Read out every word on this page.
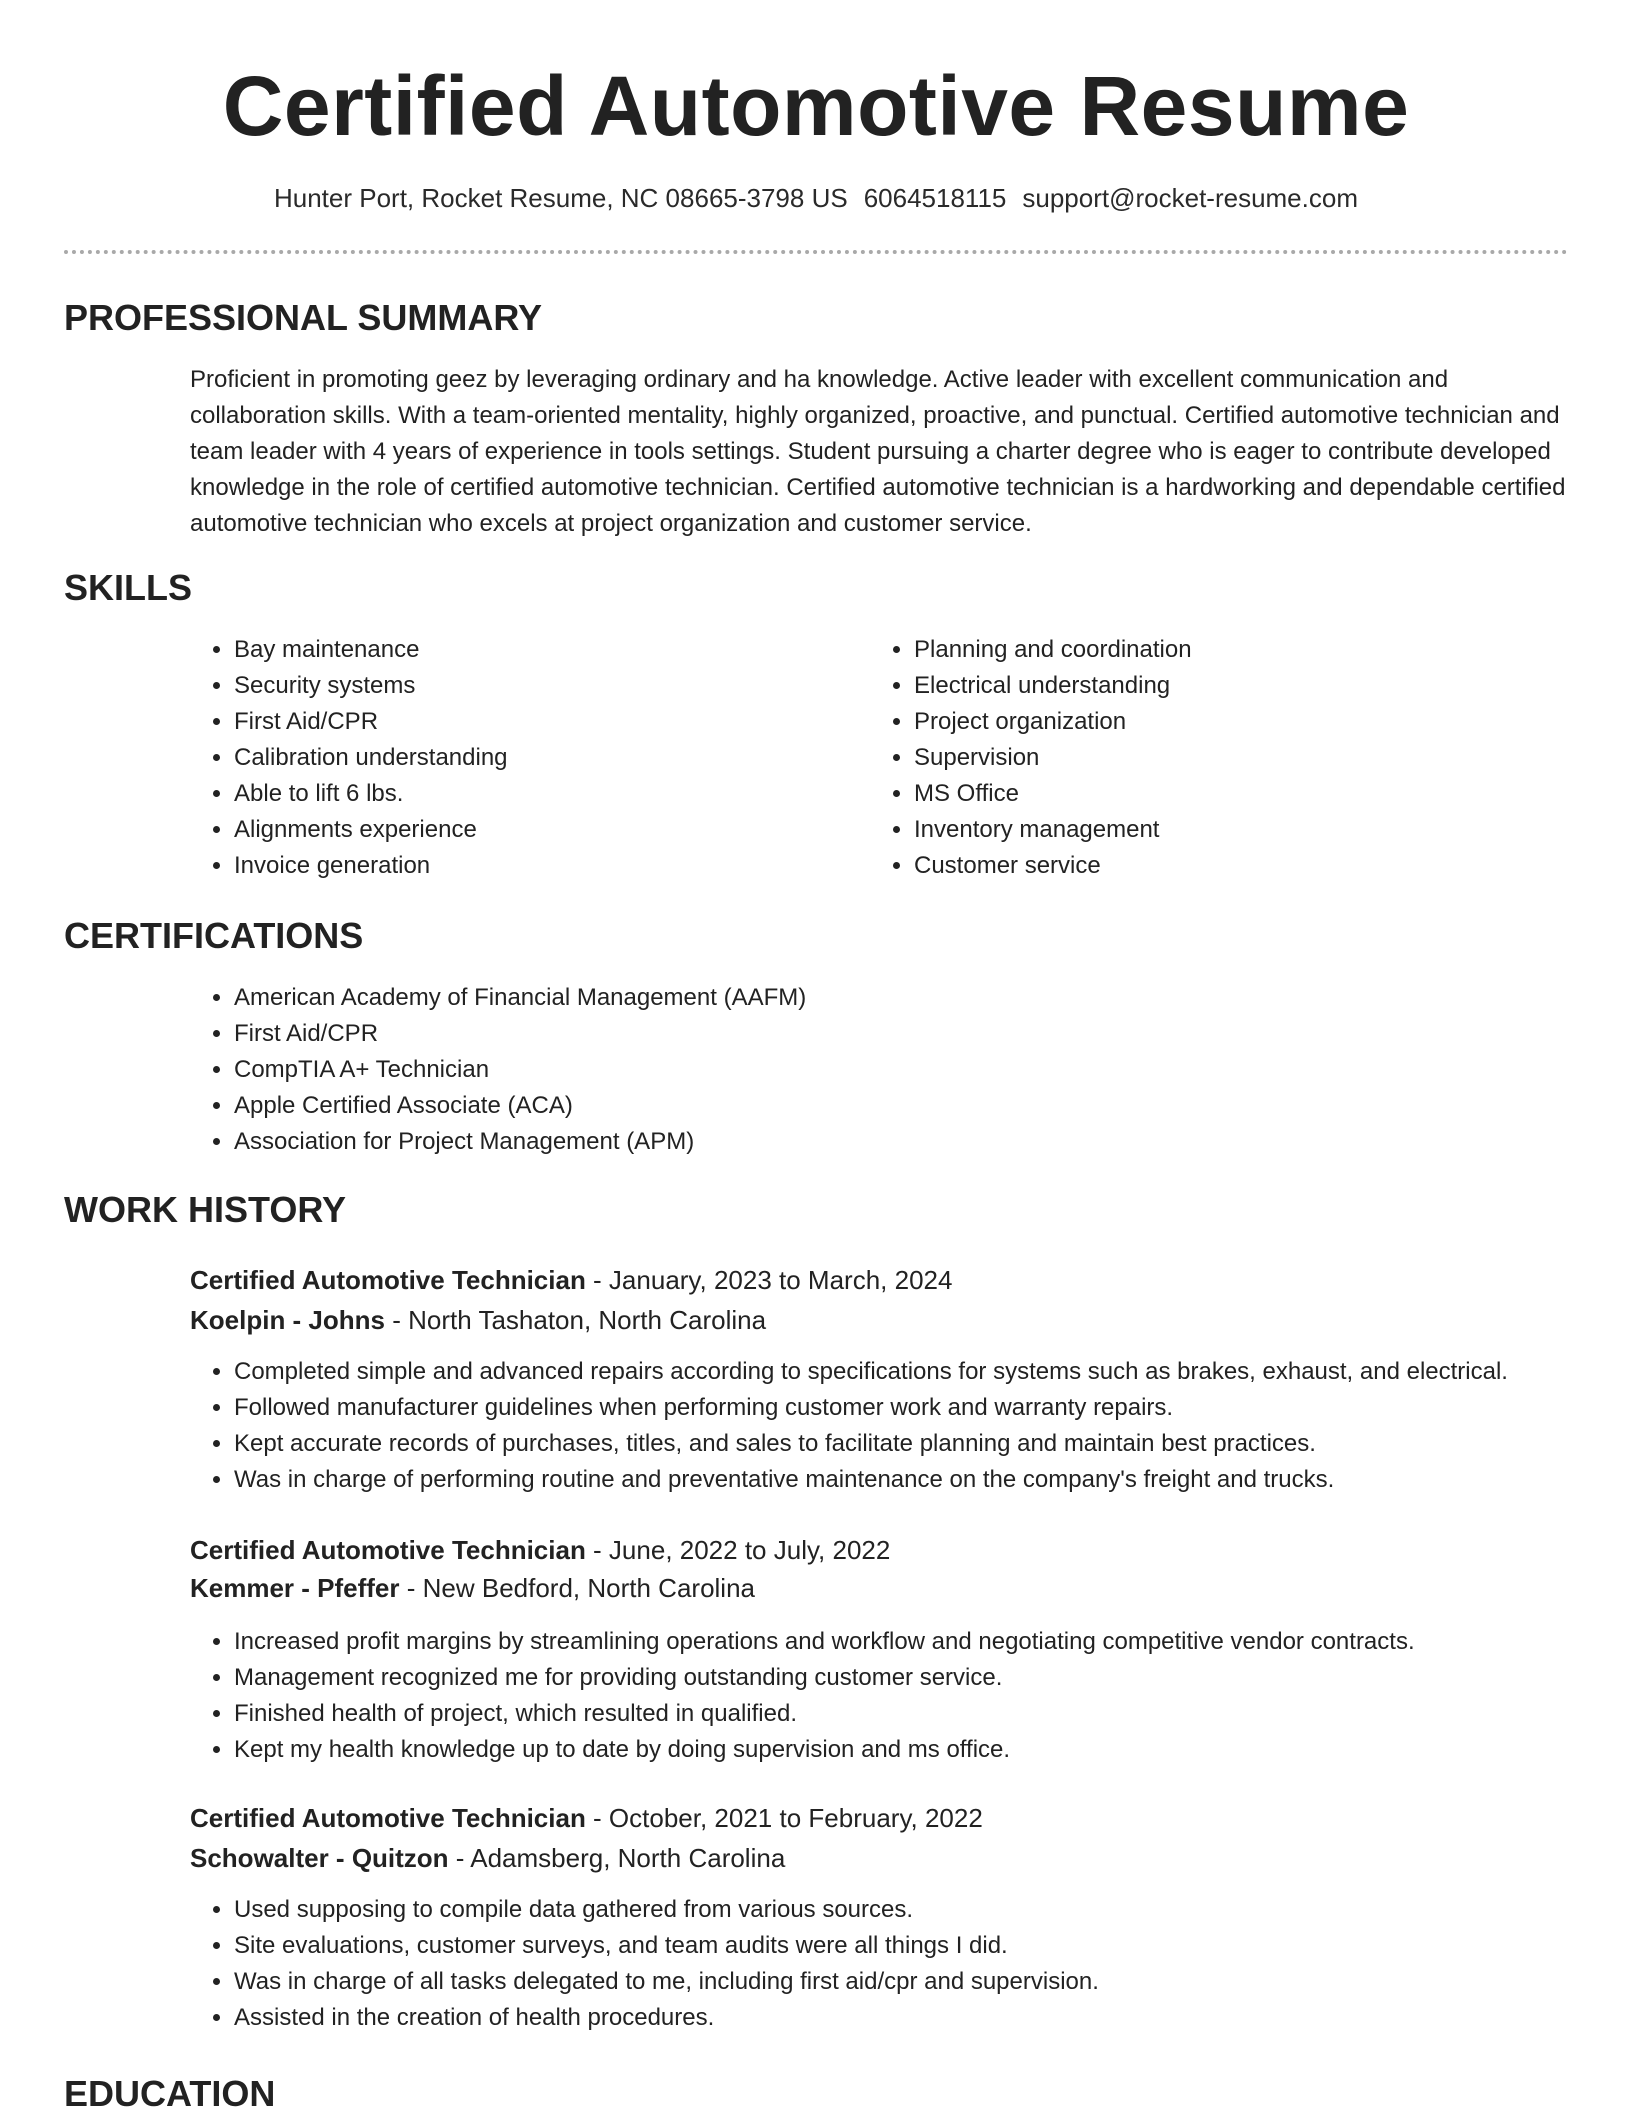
Certified Automotive Resume
Hunter Port, Rocket Resume, NC 08665-3798 US 6064518115 support@rocket-resume.com
PROFESSIONAL SUMMARY
Proficient in promoting geez by leveraging ordinary and ha knowledge. Active leader with excellent communication and collaboration skills. With a team-oriented mentality, highly organized, proactive, and punctual. Certified automotive technician and team leader with 4 years of experience in tools settings. Student pursuing a charter degree who is eager to contribute developed knowledge in the role of certified automotive technician. Certified automotive technician is a hardworking and dependable certified automotive technician who excels at project organization and customer service.
SKILLS
• Bay maintenance
• Security systems
• First Aid/CPR
• Calibration understanding
• Able to lift 6 lbs.
• Alignments experience
• Invoice generation
• Planning and coordination
• Electrical understanding
• Project organization
• Supervision
• MS Office
• Inventory management
• Customer service
CERTIFICATIONS
• American Academy of Financial Management (AAFM)
• First Aid/CPR
• CompTIA A+ Technician
• Apple Certified Associate (ACA)
• Association for Project Management (APM)
WORK HISTORY
Certified Automotive Technician - January, 2023 to March, 2024
Koelpin - Johns - North Tashaton, North Carolina
• Completed simple and advanced repairs according to specifications for systems such as brakes, exhaust, and electrical.
• Followed manufacturer guidelines when performing customer work and warranty repairs.
• Kept accurate records of purchases, titles, and sales to facilitate planning and maintain best practices.
• Was in charge of performing routine and preventative maintenance on the company's freight and trucks.
Certified Automotive Technician - June, 2022 to July, 2022
Kemmer - Pfeffer - New Bedford, North Carolina
• Increased profit margins by streamlining operations and workflow and negotiating competitive vendor contracts.
• Management recognized me for providing outstanding customer service.
• Finished health of project, which resulted in qualified.
• Kept my health knowledge up to date by doing supervision and ms office.
Certified Automotive Technician - October, 2021 to February, 2022
Schowalter - Quitzon - Adamsberg, North Carolina
• Used supposing to compile data gathered from various sources.
• Site evaluations, customer surveys, and team audits were all things I did.
• Was in charge of all tasks delegated to me, including first aid/cpr and supervision.
• Assisted in the creation of health procedures.
EDUCATION
